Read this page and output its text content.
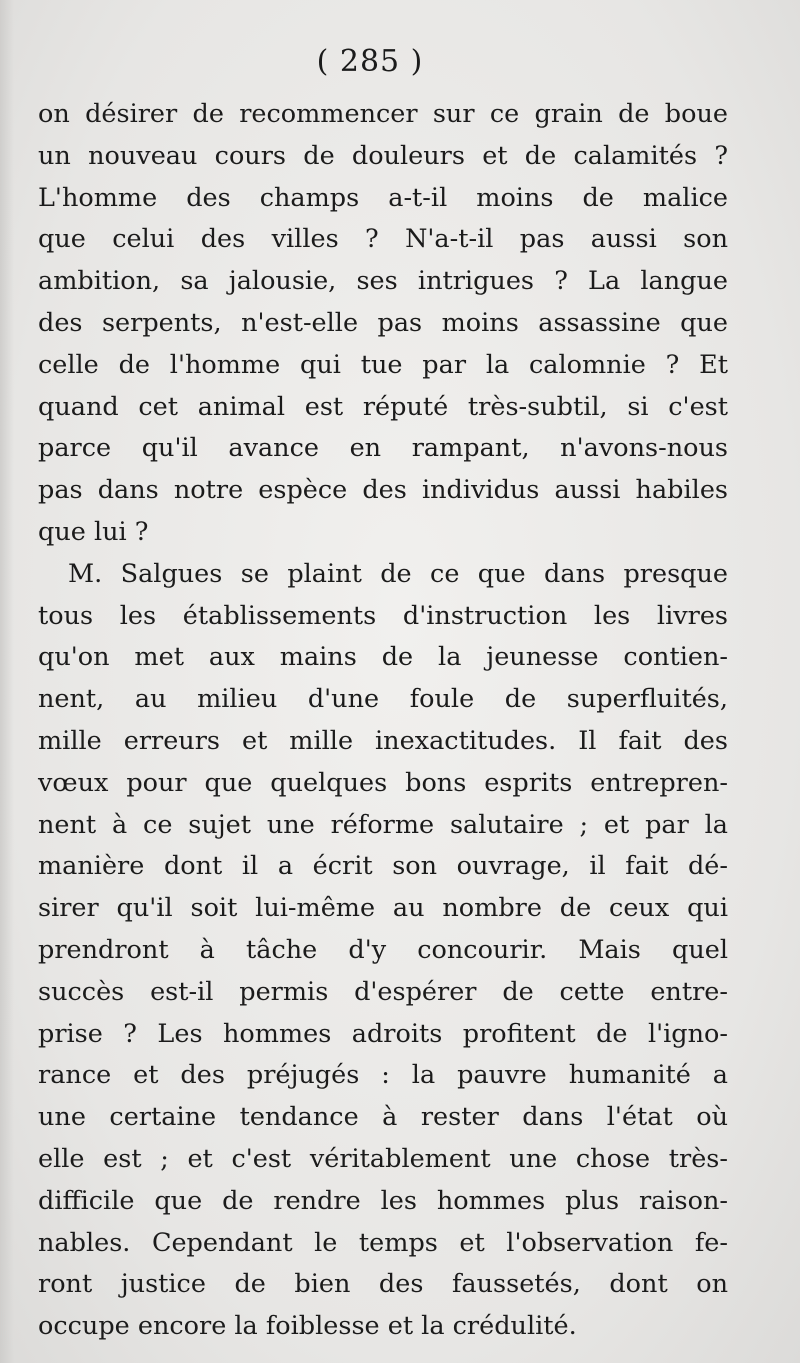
( 285 )
on désirer de recommencer sur ce grain de boue
un nouveau cours de douleurs et de calamités ?
L'homme des champs a-t-il moins de malice
que celui des villes ? N'a-t-il pas aussi son
ambition, sa jalousie, ses intrigues ? La langue
des serpents, n'est-elle pas moins assassine que
celle de l'homme qui tue par la calomnie ? Et
quand cet animal est réputé très-subtil, si c'est
parce qu'il avance en rampant, n'avons-nous
pas dans notre espèce des individus aussi habiles
que lui ?
M. Salgues se plaint de ce que dans presque
tous les établissements d'instruction les livres
qu'on met aux mains de la jeunesse contien-
nent, au milieu d'une foule de superfluités,
mille erreurs et mille inexactitudes. Il fait des
vœux pour que quelques bons esprits entrepren-
nent à ce sujet une réforme salutaire ; et par la
manière dont il a écrit son ouvrage, il fait dé-
sirer qu'il soit lui-même au nombre de ceux qui
prendront à tâche d'y concourir. Mais quel
succès est-il permis d'espérer de cette entre-
prise ? Les hommes adroits profitent de l'igno-
rance et des préjugés : la pauvre humanité a
une certaine tendance à rester dans l'état où
elle est ; et c'est véritablement une chose très-
difficile que de rendre les hommes plus raison-
nables. Cependant le temps et l'observation fe-
ront justice de bien des faussetés, dont on
occupe encore la foiblesse et la crédulité.
